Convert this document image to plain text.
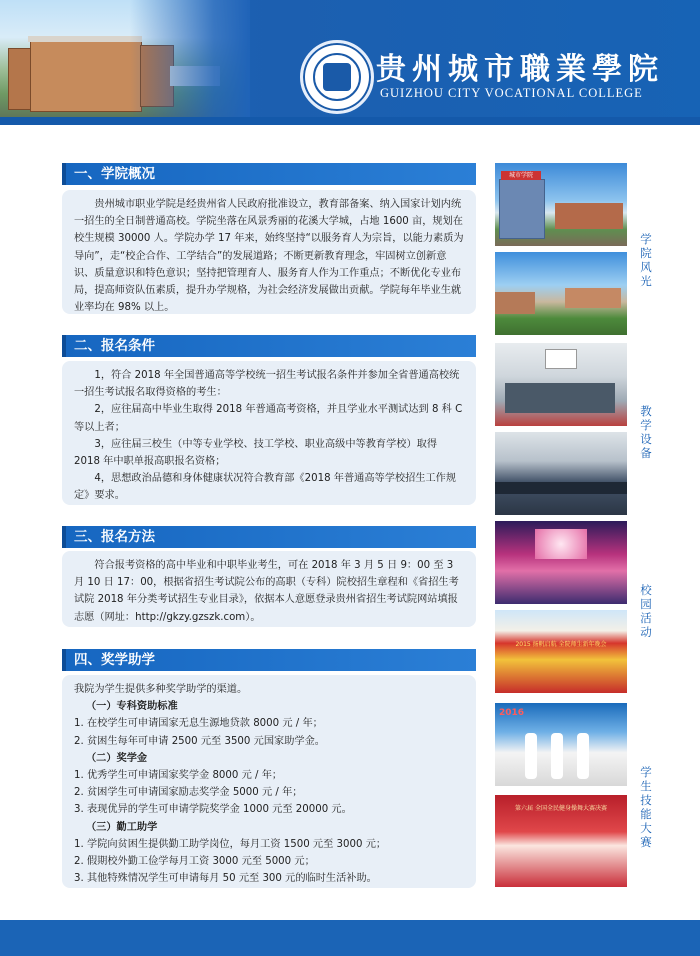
贵州城市職業學院
GUIZHOU CITY VOCATIONAL COLLEGE
一、学院概况

贵州城市职业学院是经贵州省人民政府批准设立，教育部备案、纳入国家计划内统一招生的全日制普通高校。学院坐落在风景秀丽的花溪大学城，占地 1600 亩，规划在校生规模 30000 人。学院办学 17 年来，始终坚持“以服务育人为宗旨，以能力素质为导向”，走“校企合作、工学结合”的发展道路；不断更新教育理念，牢固树立创新意识、质量意识和特色意识；坚持把管理育人、服务育人作为工作重点；不断优化专业布局，提高师资队伍素质，提升办学规格，为社会经济发展做出贡献。学院每年毕业生就业率均在 98% 以上。

二、报名条件

1，符合 2018 年全国普通高等学校统一招生考试报名条件并参加全省普通高校统一招生考试报名取得资格的考生：

2，应往届高中毕业生取得 2018 年普通高考资格，并且学业水平测试达到 8 科 C 等以上者；

3，应往届三校生（中等专业学校、技工学校、职业高级中等教育学校）取得 2018 年中职单报高职报名资格；

4，思想政治品德和身体健康状况符合教育部《2018 年普通高等学校招生工作规定》要求。

三、报名方法

符合报考资格的高中毕业和中职毕业考生，可在 2018 年 3 月 5 日 9：00 至 3 月 10 日 17：00，根据省招生考试院公布的高职（专科）院校招生章程和《省招生考试院 2018 年分类考试招生专业目录》，依据本人意愿登录贵州省招生考试院网站填报志愿（网址：http://gkzy.gzszk.com）。

四、奖学助学

我院为学生提供多种奖学助学的渠道。

（一）专科资助标准

1. 在校学生可申请国家无息生源地贷款 8000 元 / 年；

2. 贫困生每年可申请 2500 元至 3500 元国家助学金。

（二）奖学金

1. 优秀学生可申请国家奖学金 8000 元 / 年；

2. 贫困学生可申请国家励志奖学金 5000 元 / 年；

3. 表现优异的学生可申请学院奖学金 1000 元至 20000 元。

（三）勤工助学

1. 学院向贫困生提供勤工助学岗位，每月工资 1500 元至 3000 元；

2. 假期校外勤工俭学每月工资 3000 元至 5000 元；

3. 其他特殊情况学生可申请每月 50 元至 300 元的临时生活补助。

城市学院
2015 扬帆启航 全院师生新年晚会
2016
第六届 全国全民健身操舞大赛决赛
学院风光
教学设备
校园活动
学生技能大赛
